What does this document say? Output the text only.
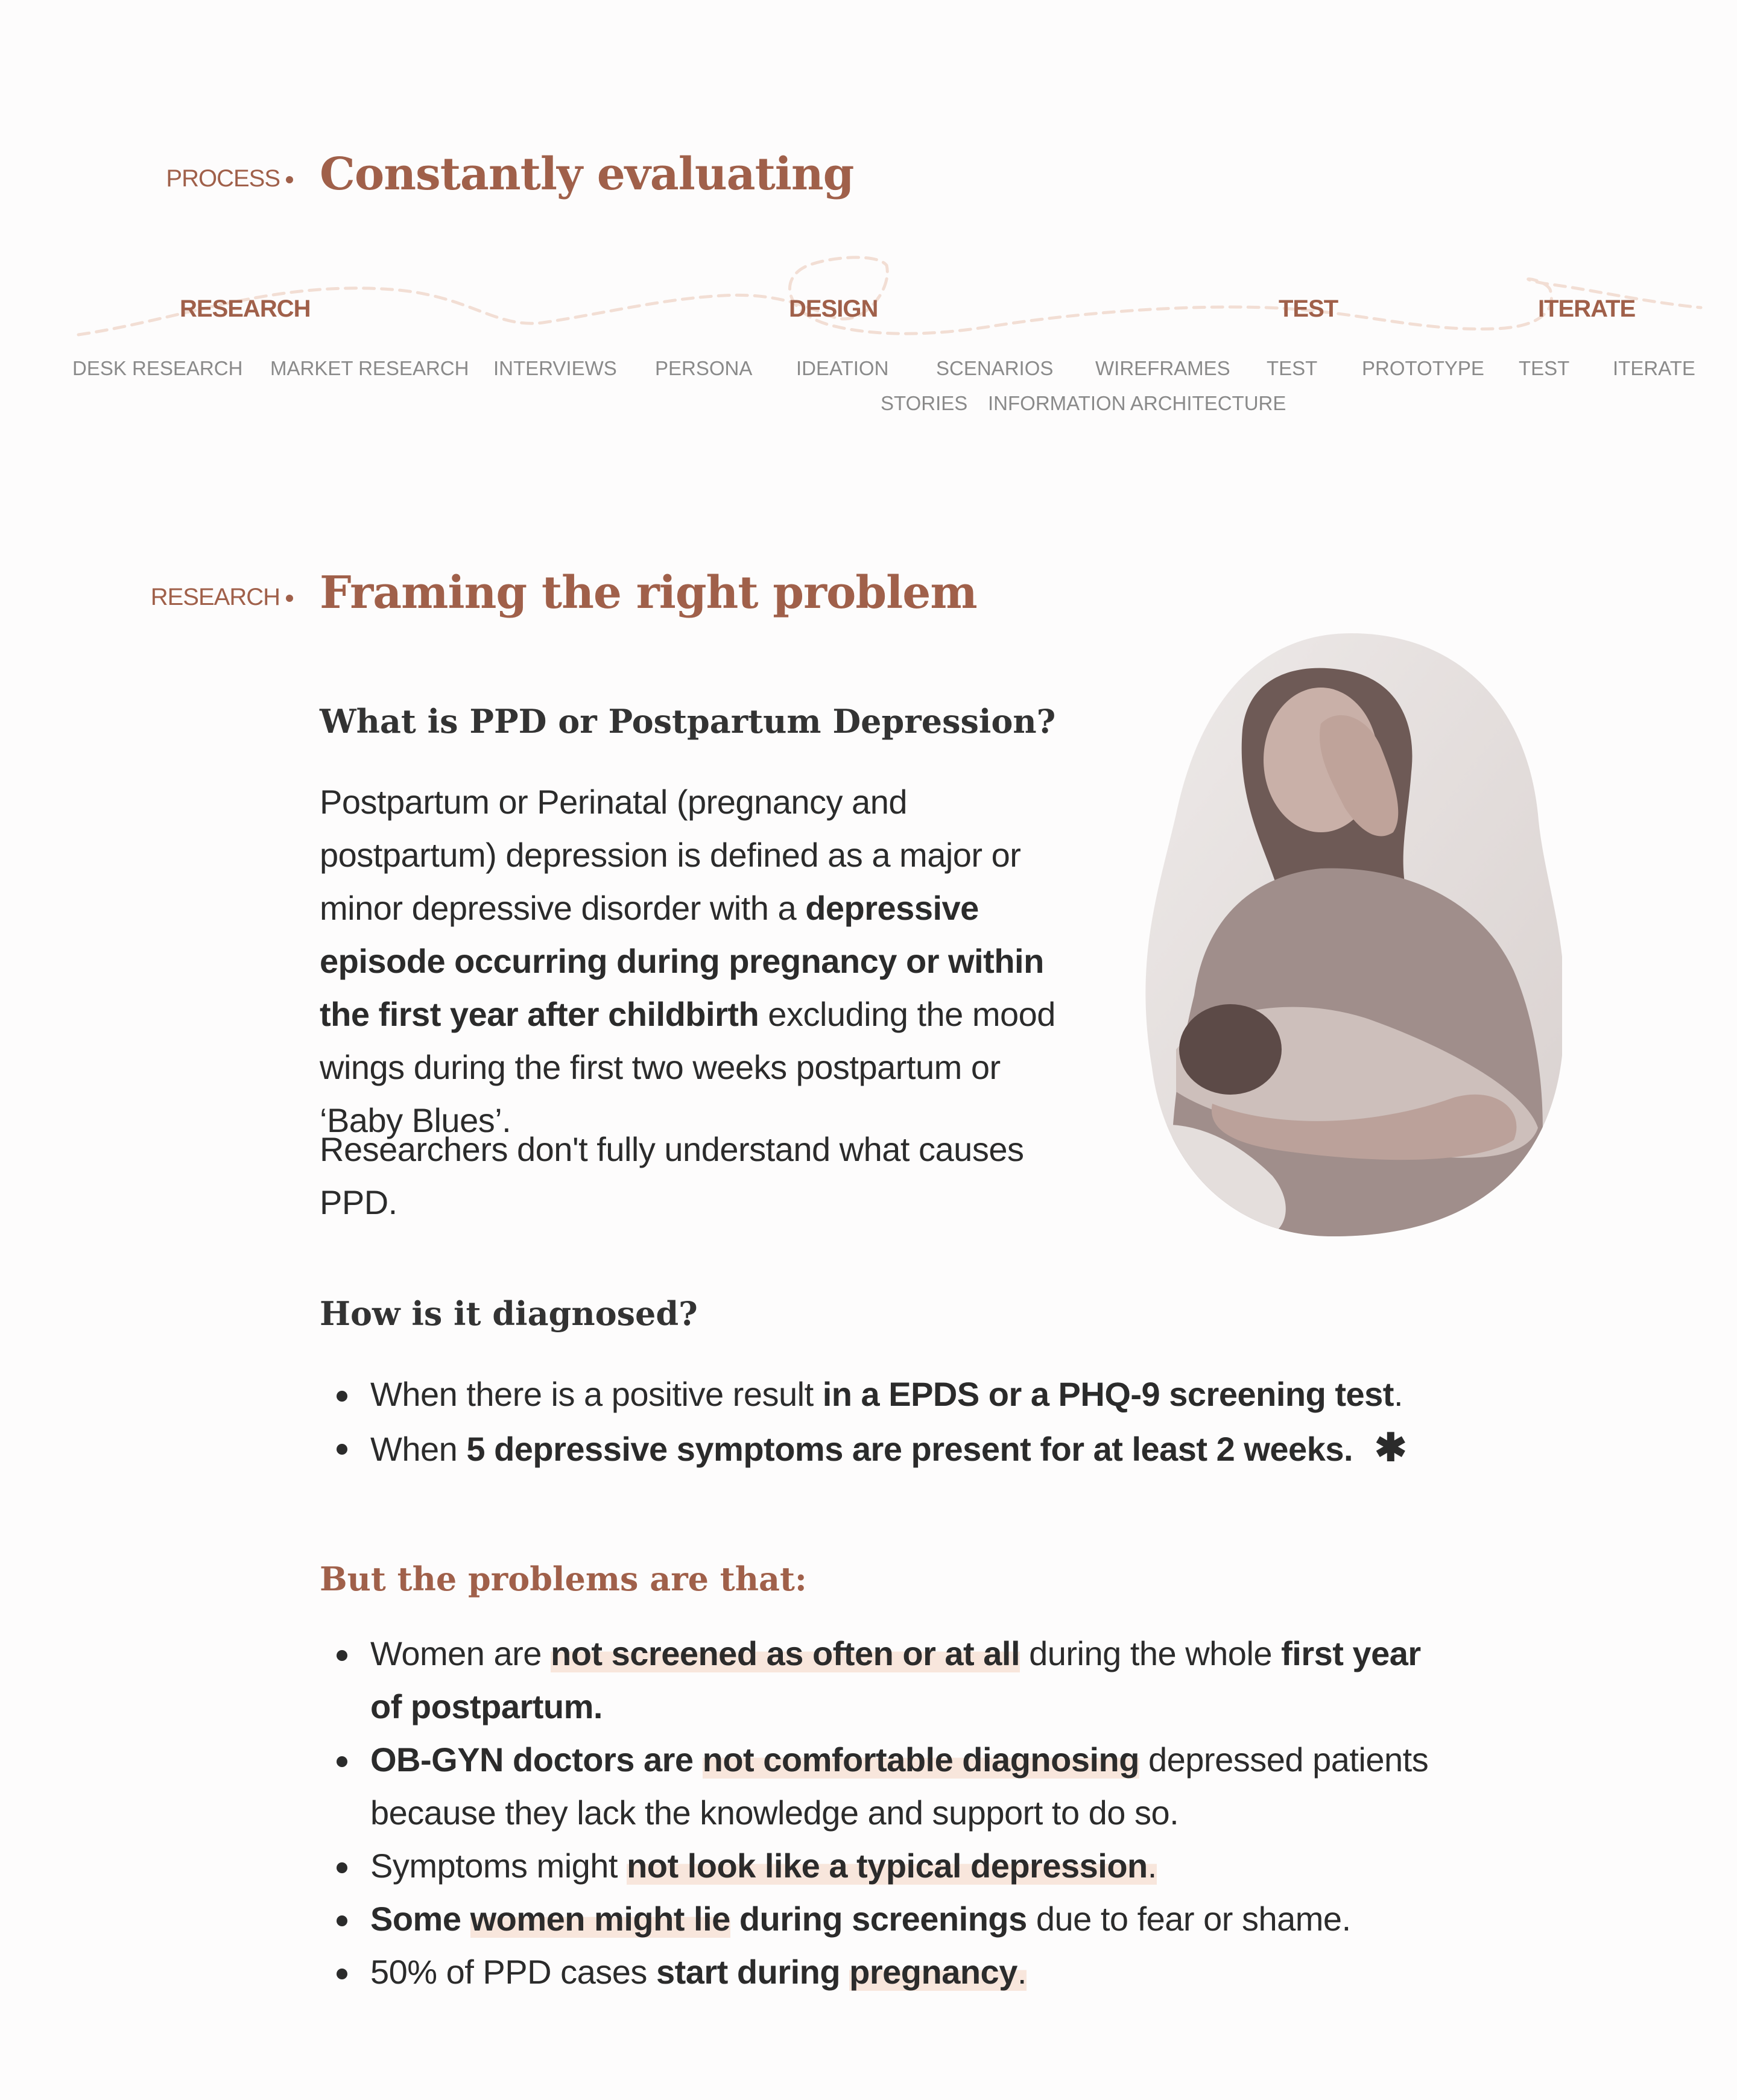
PROCESS Constantly evaluating
RESEARCH	DESIGN	TEST	ITERATE
DESK RESEARCH MARKET RESEARCH INTERVIEWS PERSONA IDEATION SCENARIOS
STORIES
WIREFRAMES
INFORMATION ARCHITECTURE
TEST PROTOTYPE TEST ITERATE
RESEARCH Framing the right problem
What is PPD or Postpartum Depression?
Postpartum or Perinatal (pregnancy and postpartum) depression is defined as a major or minor depressive disorder with a depressive episode occurring during pregnancy or within the first year after childbirth excluding the mood wings during the first two weeks postpartum or ‘Baby Blues’.
Researchers don't fully understand what causes PPD.
How is it diagnosed?
When there is a positive result in a EPDS or a PHQ-9 screening test.
When 5 depressive symptoms are present for at least 2 weeks. ✱
But the problems are that:
Women are not screened as often or at all during the whole first year of postpartum.
OB-GYN doctors are not comfortable diagnosing depressed patients because they lack the knowledge and support to do so.
Symptoms might not look like a typical depression.
Some women might lie during screenings due to fear or shame.
50% of PPD cases start during pregnancy.
